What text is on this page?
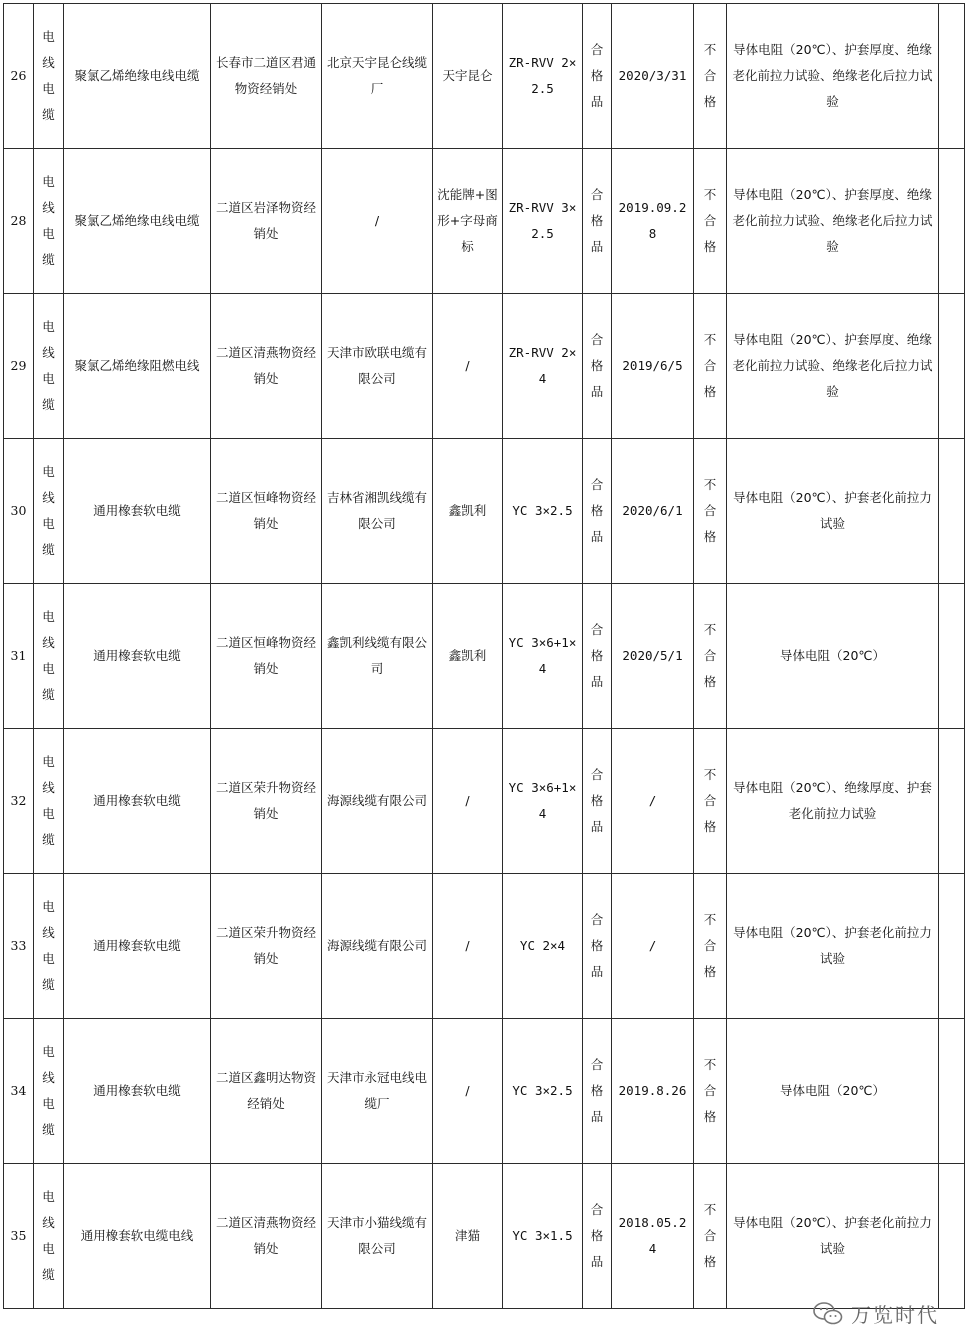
26	电线电缆	聚氯乙烯绝缘电线电缆	长春市二道区君通物资经销处	北京天宇昆仑线缆厂	天宇昆仑	ZR-RVV 2×2.5	合格品	2020/3/31	不合格	导体电阻（20℃）、护套厚度、绝缘老化前拉力试验、绝缘老化后拉力试验	
28	电线电缆	聚氯乙烯绝缘电线电缆	二道区岩泽物资经销处	/	沈能牌+图形+字母商标	ZR-RVV 3×2.5	合格品	2019.09.28	不合格	导体电阻（20℃）、护套厚度、绝缘老化前拉力试验、绝缘老化后拉力试验	
29	电线电缆	聚氯乙烯绝缘阻燃电线	二道区清燕物资经销处	天津市欧联电缆有限公司	/	ZR-RVV 2×4	合格品	2019/6/5	不合格	导体电阻（20℃）、护套厚度、绝缘老化前拉力试验、绝缘老化后拉力试验	
30	电线电缆	通用橡套软电缆	二道区恒峰物资经销处	吉林省湘凯线缆有限公司	鑫凯利	YC 3×2.5	合格品	2020/6/1	不合格	导体电阻（20℃）、护套老化前拉力试验	
31	电线电缆	通用橡套软电缆	二道区恒峰物资经销处	鑫凯利线缆有限公司	鑫凯利	YC 3×6+1×4	合格品	2020/5/1	不合格	导体电阻（20℃）	
32	电线电缆	通用橡套软电缆	二道区荣升物资经销处	海源线缆有限公司	/	YC 3×6+1×4	合格品	/	不合格	导体电阻（20℃）、绝缘厚度、护套老化前拉力试验	
33	电线电缆	通用橡套软电缆	二道区荣升物资经销处	海源线缆有限公司	/	YC 2×4	合格品	/	不合格	导体电阻（20℃）、护套老化前拉力试验	
34	电线电缆	通用橡套软电缆	二道区鑫明达物资经销处	天津市永冠电线电缆厂	/	YC 3×2.5	合格品	2019.8.26	不合格	导体电阻（20℃）	
35	电线电缆	通用橡套软电缆电线	二道区清燕物资经销处	天津市小猫线缆有限公司	津猫	YC 3×1.5	合格品	2018.05.24	不合格	导体电阻（20℃）、护套老化前拉力试验	
万览时代
